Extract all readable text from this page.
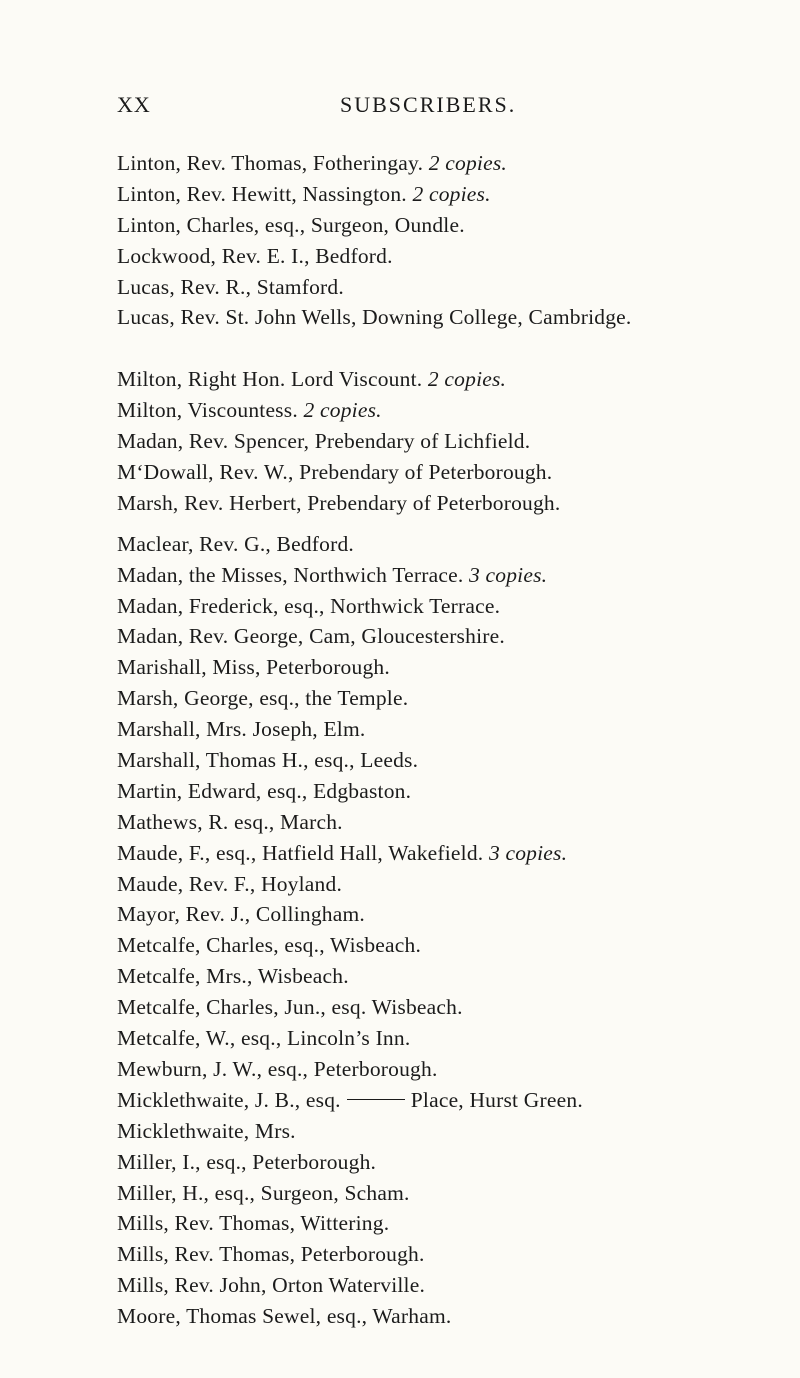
XX	SUBSCRIBERS.
Linton, Rev. Thomas, Fotheringay. 2 copies.
Linton, Rev. Hewitt, Nassington. 2 copies.
Linton, Charles, esq., Surgeon, Oundle.
Lockwood, Rev. E. I., Bedford.
Lucas, Rev. R., Stamford.
Lucas, Rev. St. John Wells, Downing College, Cambridge.
Milton, Right Hon. Lord Viscount. 2 copies.
Milton, Viscountess. 2 copies.
Madan, Rev. Spencer, Prebendary of Lichfield.
M‘Dowall, Rev. W., Prebendary of Peterborough.
Marsh, Rev. Herbert, Prebendary of Peterborough.
Maclear, Rev. G., Bedford.
Madan, the Misses, Northwich Terrace. 3 copies.
Madan, Frederick, esq., Northwick Terrace.
Madan, Rev. George, Cam, Gloucestershire.
Marishall, Miss, Peterborough.
Marsh, George, esq., the Temple.
Marshall, Mrs. Joseph, Elm.
Marshall, Thomas H., esq., Leeds.
Martin, Edward, esq., Edgbaston.
Mathews, R. esq., March.
Maude, F., esq., Hatfield Hall, Wakefield. 3 copies.
Maude, Rev. F., Hoyland.
Mayor, Rev. J., Collingham.
Metcalfe, Charles, esq., Wisbeach.
Metcalfe, Mrs., Wisbeach.
Metcalfe, Charles, Jun., esq. Wisbeach.
Metcalfe, W., esq., Lincoln’s Inn.
Mewburn, J. W., esq., Peterborough.
Micklethwaite, J. B., esq.	Place, Hurst Green.
Micklethwaite, Mrs.
Miller, I., esq., Peterborough.
Miller, H., esq., Surgeon, Scham.
Mills, Rev. Thomas, Wittering.
Mills, Rev. Thomas, Peterborough.
Mills, Rev. John, Orton Waterville.
Moore, Thomas Sewel, esq., Warham.
